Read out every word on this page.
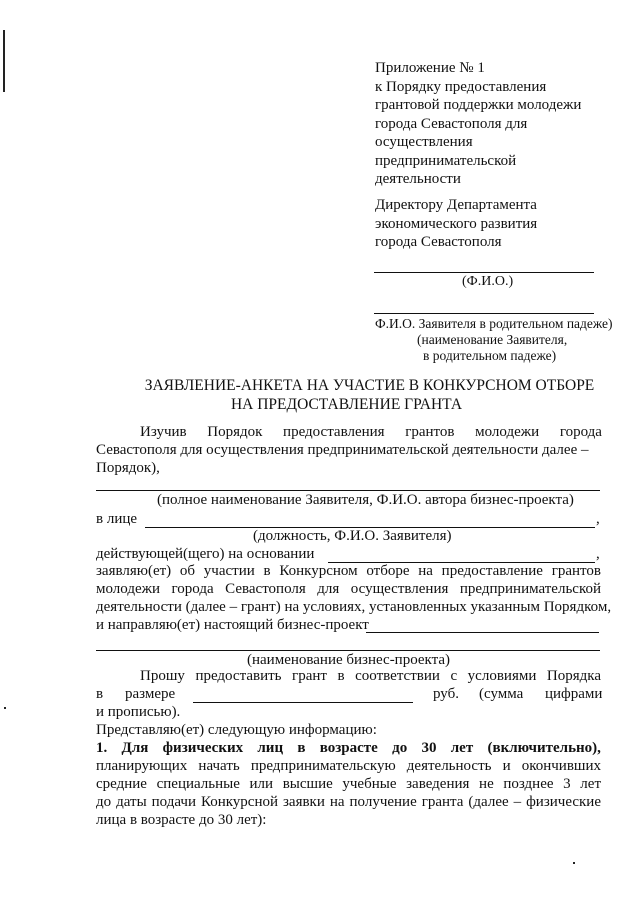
Приложение № 1

к Порядку предоставления

грантовой поддержки молодежи

города Севастополя для

осуществления

предпринимательской

деятельности

Директору Департамента

экономического развития

города Севастополя

(Ф.И.О.)
Ф.И.О. Заявителя в родительном падеже)
(наименование Заявителя,
в родительном падеже)
ЗАЯВЛЕНИЕ-АНКЕТА НА УЧАСТИЕ В КОНКУРСНОМ ОТБОРЕ
НА ПРЕДОСТАВЛЕНИЕ ГРАНТА
Изучив Порядок предоставления грантов молодежи города
Севастополя для осуществления предпринимательской деятельности далее –
Порядок),
(полное наименование Заявителя, Ф.И.О. автора бизнес-проекта)
в лице	,
(должность, Ф.И.О. Заявителя)
действующей(щего) на основании	,
заявляю(ет) об участии в Конкурсном отборе на предоставление грантов
молодежи города Севастополя для осуществления предпринимательской
деятельности (далее – грант) на условиях, установленных указанным Порядком,
и направляю(ет) настоящий бизнес-проект
(наименование бизнес-проекта)
Прошу предоставить грант в соответствии с условиями Порядка
в размере	руб. (сумма цифрами
и прописью).
Представляю(ет) следующую информацию:
1. Для физических лиц в возрасте до 30 лет (включительно),
планирующих начать предпринимательскую деятельность и окончивших
средние специальные или высшие учебные заведения не позднее 3 лет
до даты подачи Конкурсной заявки на получение гранта (далее – физические
лица в возрасте до 30 лет):
